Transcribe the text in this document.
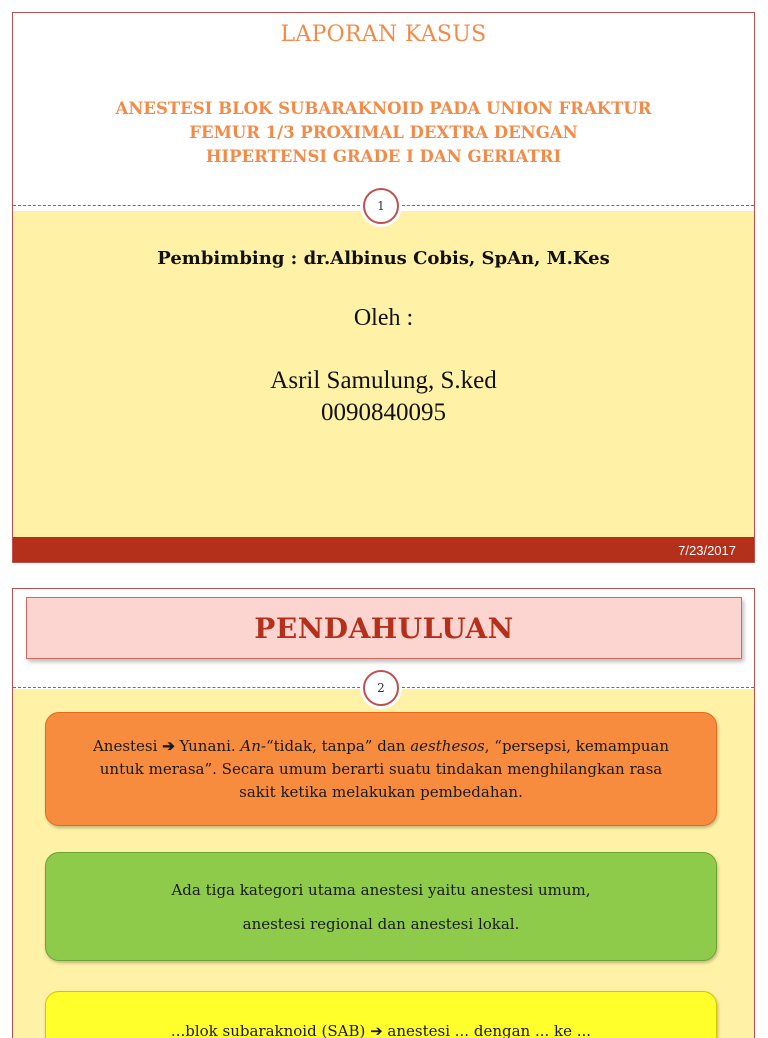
LAPORAN KASUS
ANESTESI BLOK SUBARAKNOID PADA UNION FRAKTUR
FEMUR 1/3 PROXIMAL DEXTRA DENGAN
HIPERTENSI GRADE I DAN GERIATRI
1
Pembimbing : dr.Albinus Cobis, SpAn, M.Kes
Oleh :
Asril Samulung, S.ked
0090840095
7/23/2017
PENDAHULUAN
2
Anestesi ➔ Yunani. An-“tidak, tanpa” dan aesthesos, “persepsi, kemampuan untuk merasa”. Secara umum berarti suatu tindakan menghilangkan rasa sakit ketika melakukan pembedahan.
Ada tiga kategori utama anestesi yaitu anestesi umum,
anestesi regional dan anestesi lokal.
...blok subaraknoid (SAB) ➔ anestesi ... dengan ... ke ...
